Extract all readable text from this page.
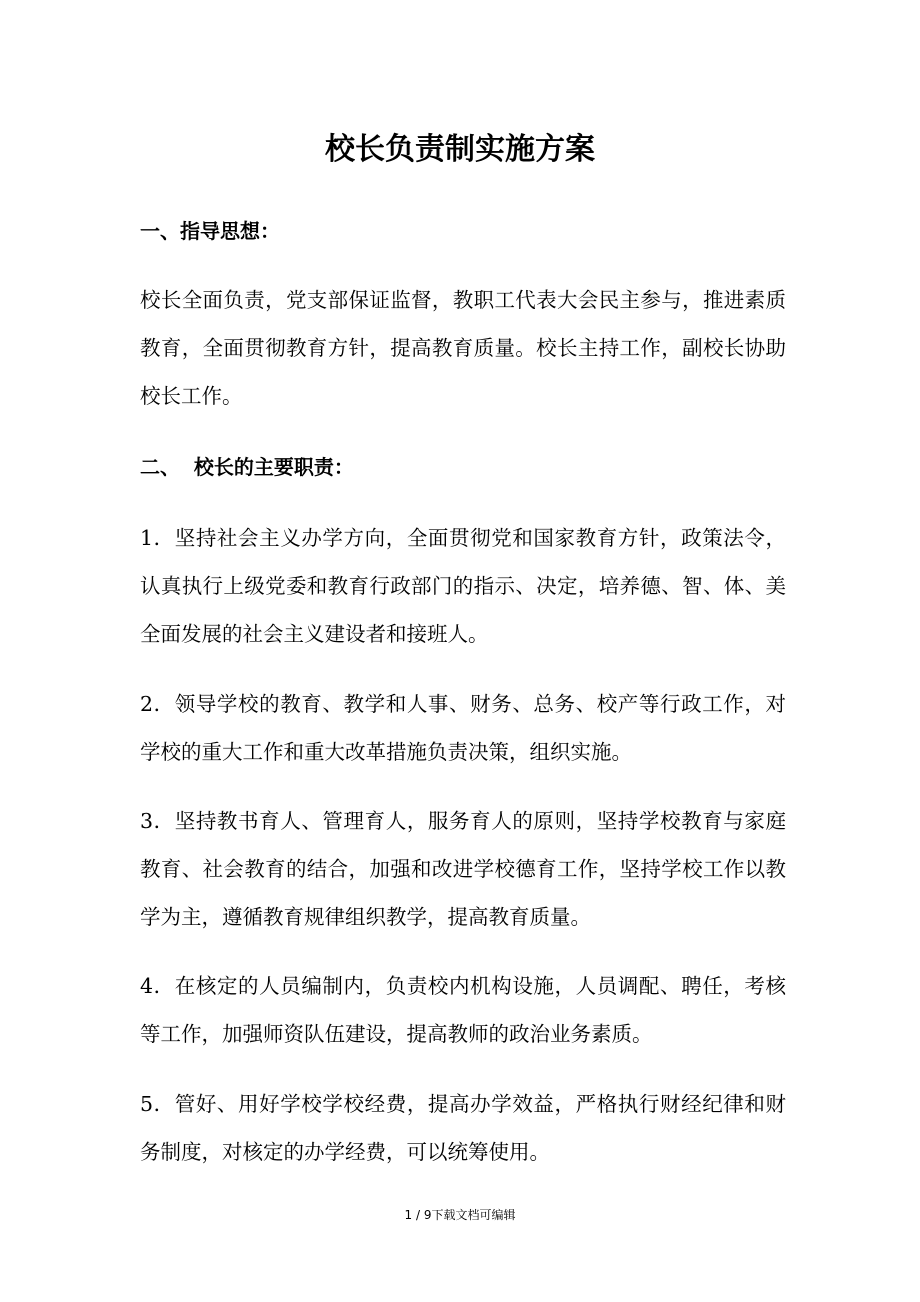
校长负责制实施方案
一、指导思想：

校长全面负责，党支部保证监督，教职工代表大会民主参与，推进素质教育，全面贯彻教育方针，提高教育质量。校长主持工作，副校长协助校长工作。

二、  校长的主要职责：

1．坚持社会主义办学方向，全面贯彻党和国家教育方针，政策法令，认真执行上级党委和教育行政部门的指示、决定，培养德、智、体、美全面发展的社会主义建设者和接班人。

2．领导学校的教育、教学和人事、财务、总务、校产等行政工作，对学校的重大工作和重大改革措施负责决策，组织实施。

3．坚持教书育人、管理育人，服务育人的原则，坚持学校教育与家庭教育、社会教育的结合，加强和改进学校德育工作，坚持学校工作以教学为主，遵循教育规律组织教学，提高教育质量。

4．在核定的人员编制内，负责校内机构设施，人员调配、聘任，考核等工作，加强师资队伍建设，提高教师的政治业务素质。

5．管好、用好学校学校经费，提高办学效益，严格执行财经纪律和财务制度，对核定的办学经费，可以统筹使用。

1 / 9下载文档可编辑
